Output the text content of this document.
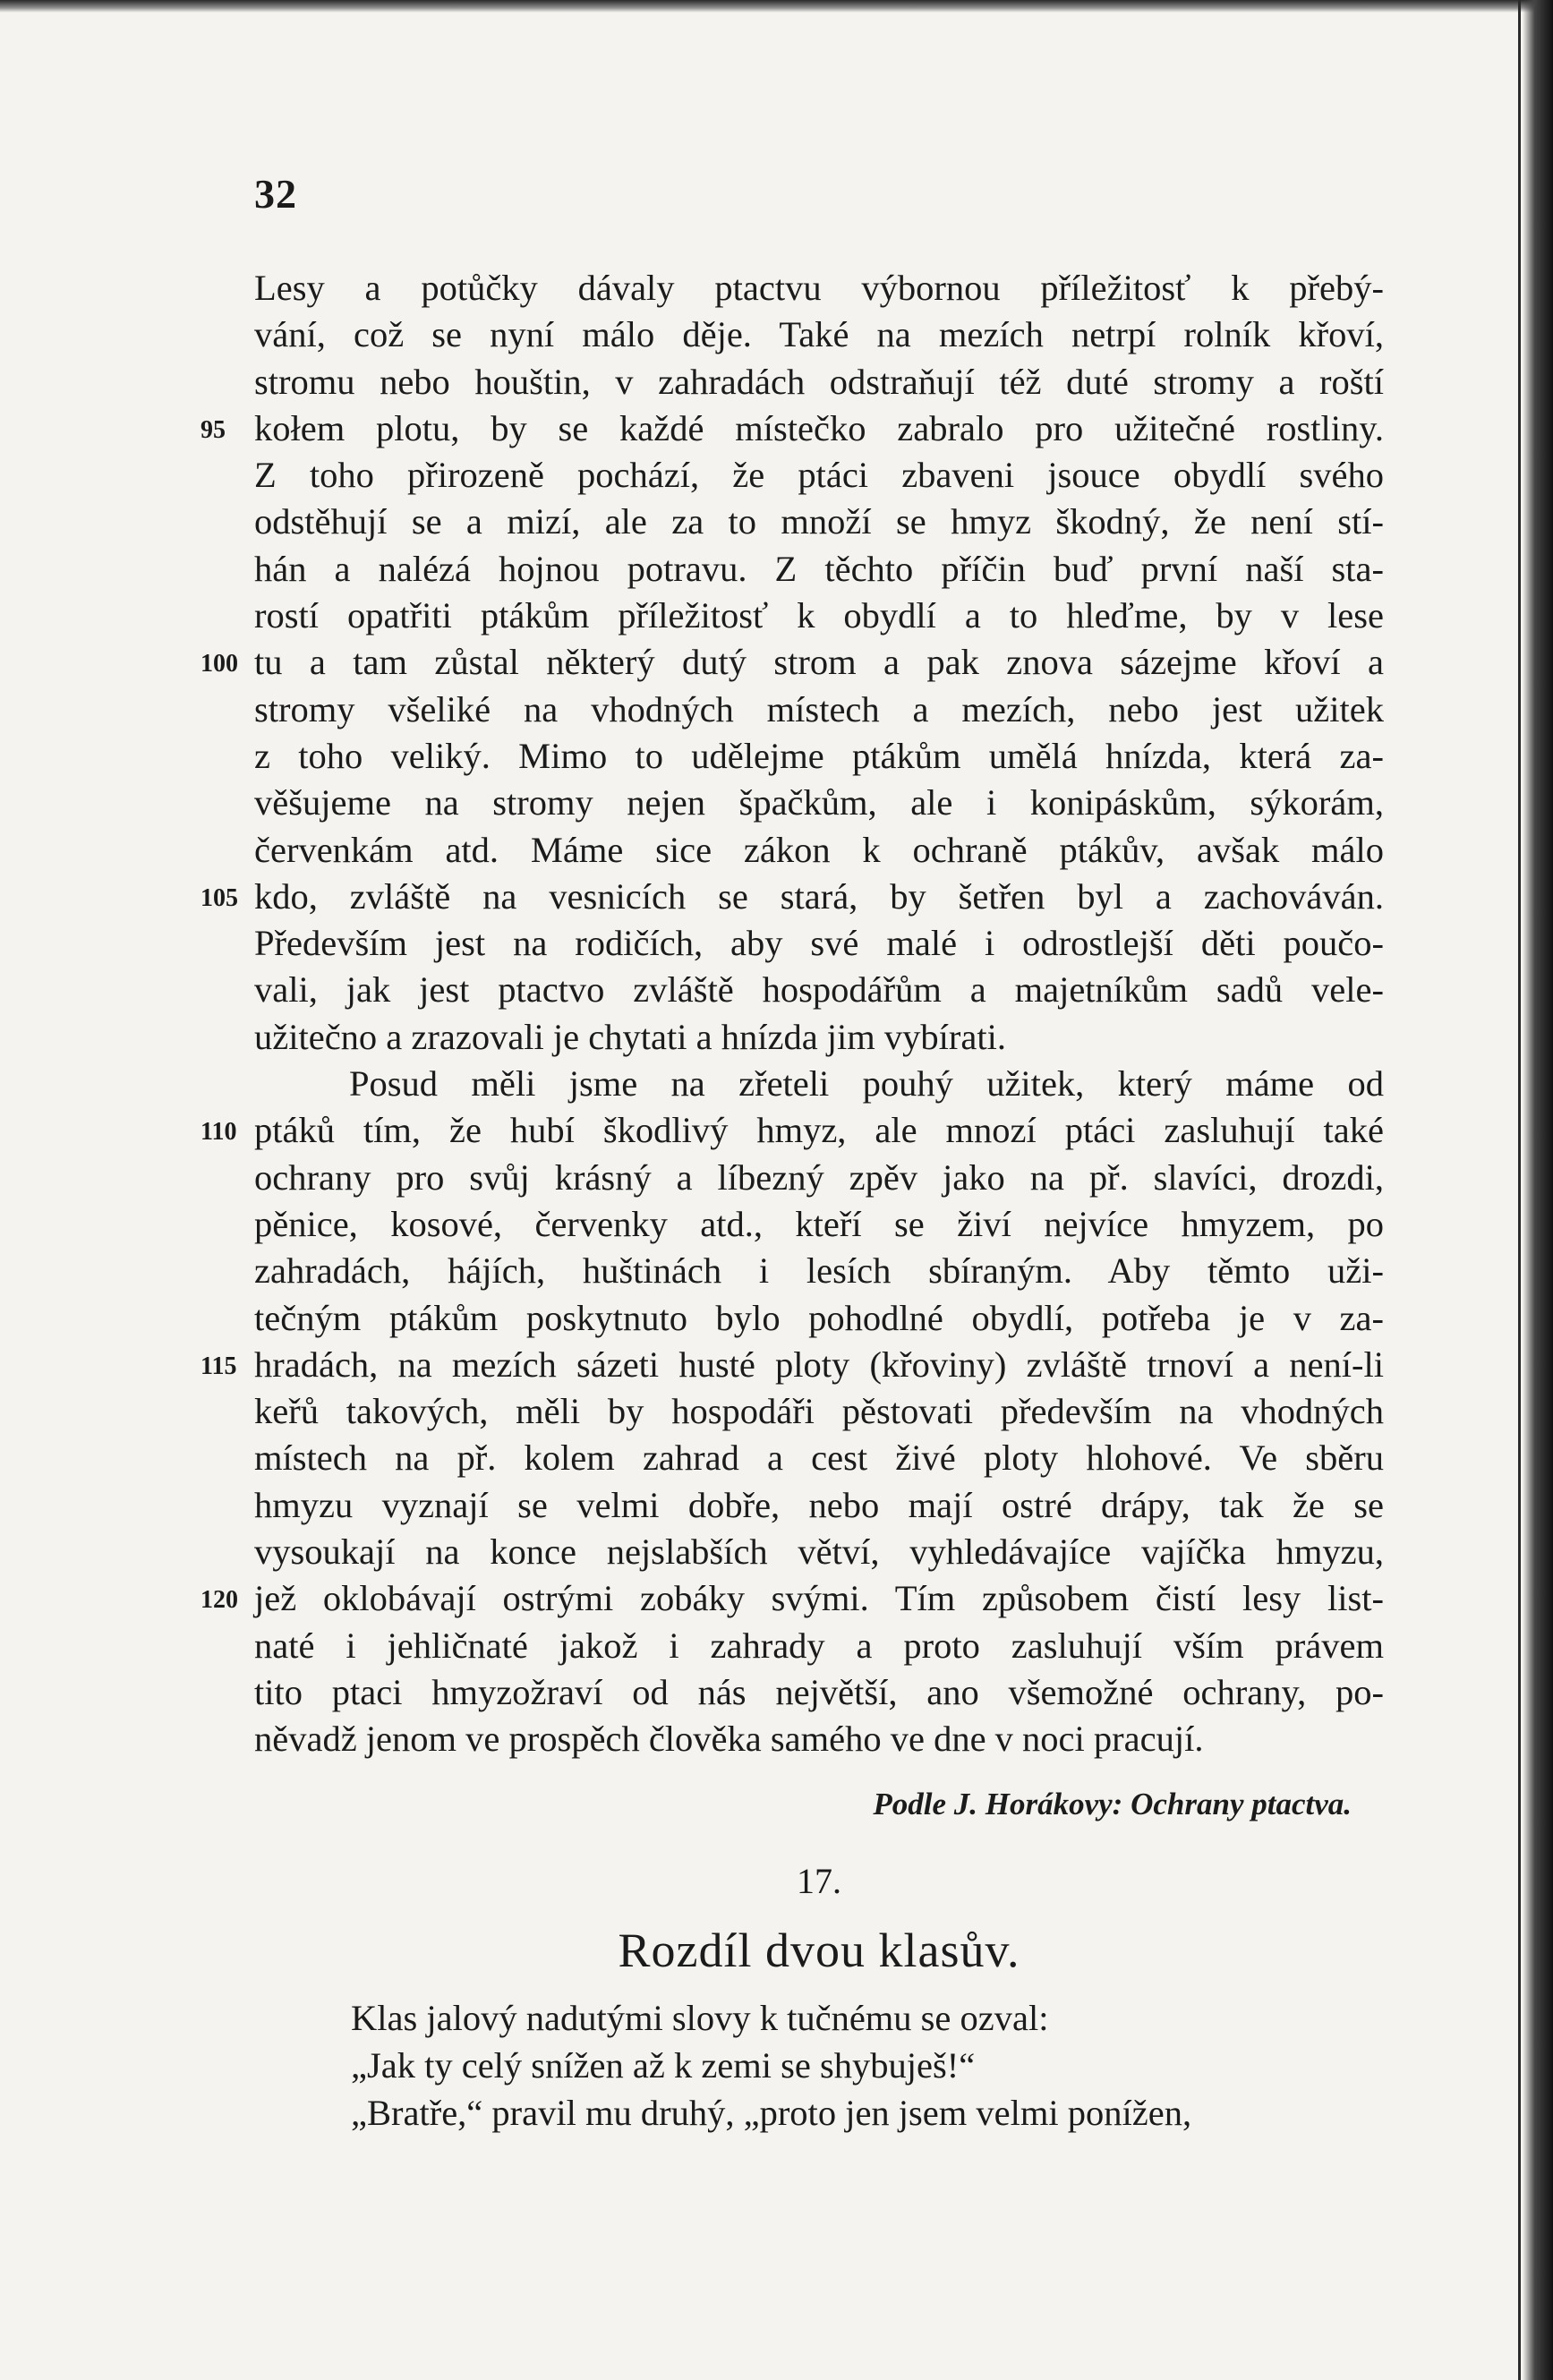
32
Lesy a potůčky dávaly ptactvu výbornou příležitosť k přebý-
vání, což se nyní málo děje. Také na mezích netrpí rolník křoví,
stromu nebo houštin, v zahradách odstraňují též duté stromy a roští
95 kołem plotu, by se každé místečko zabralo pro užitečné rostliny.
Z toho přirozeně pochází, že ptáci zbaveni jsouce obydlí svého
odstěhují se a mizí, ale za to množí se hmyz škodný, že není stí-
hán a nalézá hojnou potravu. Z těchto příčin buď první naší sta-
rostí opatřiti ptákům příležitosť k obydlí a to hleďme, by v lese
100 tu a tam zůstal některý dutý strom a pak znova sázejme křoví a
stromy všeliké na vhodných místech a mezích, nebo jest užitek
z toho veliký. Mimo to udělejme ptákům umělá hnízda, která za-
věšujeme na stromy nejen špačkům, ale i konipáskům, sýkorám,
červenkám atd. Máme sice zákon k ochraně ptákův, avšak málo
105 kdo, zvláště na vesnicích se stará, by šetřen byl a zachováván.
Především jest na rodičích, aby své malé i odrostlejší děti poučo-
vali, jak jest ptactvo zvláště hospodářům a majetníkům sadů vele-
užitečno a zrazovali je chytati a hnízda jim vybírati.
Posud měli jsme na zřeteli pouhý užitek, který máme od
110 ptáků tím, že hubí škodlivý hmyz, ale mnozí ptáci zasluhují také
ochrany pro svůj krásný a líbezný zpěv jako na př. slavíci, drozdi,
pěnice, kosové, červenky atd., kteří se živí nejvíce hmyzem, po
zahradách, hájích, huštinách i lesích sbíraným. Aby těmto uži-
tečným ptákům poskytnuto bylo pohodlné obydlí, potřeba je v za-
115 hradách, na mezích sázeti husté ploty (křoviny) zvláště trnoví a není-li
keřů takových, měli by hospodáři pěstovati především na vhodných
místech na př. kolem zahrad a cest živé ploty hlohové. Ve sběru
hmyzu vyznají se velmi dobře, nebo mají ostré drápy, tak že se
vysoukají na konce nejslabších větví, vyhledávajíce vajíčka hmyzu,
120 jež oklobávají ostrými zobáky svými. Tím způsobem čistí lesy list-
naté i jehličnaté jakož i zahrady a proto zasluhují vším právem
tito ptaci hmyzožraví od nás největší, ano všemožné ochrany, po-
něvadž jenom ve prospěch člověka samého ve dne v noci pracují.
Podle J. Horákovy: Ochrany ptactva.
17.
Rozdíl dvou klasův.
Klas jalový nadutými slovy k tučnému se ozval:
„Jak ty celý snížen až k zemi se shybuješ!“
„Bratře,“ pravil mu druhý, „proto jen jsem velmi ponížen,
